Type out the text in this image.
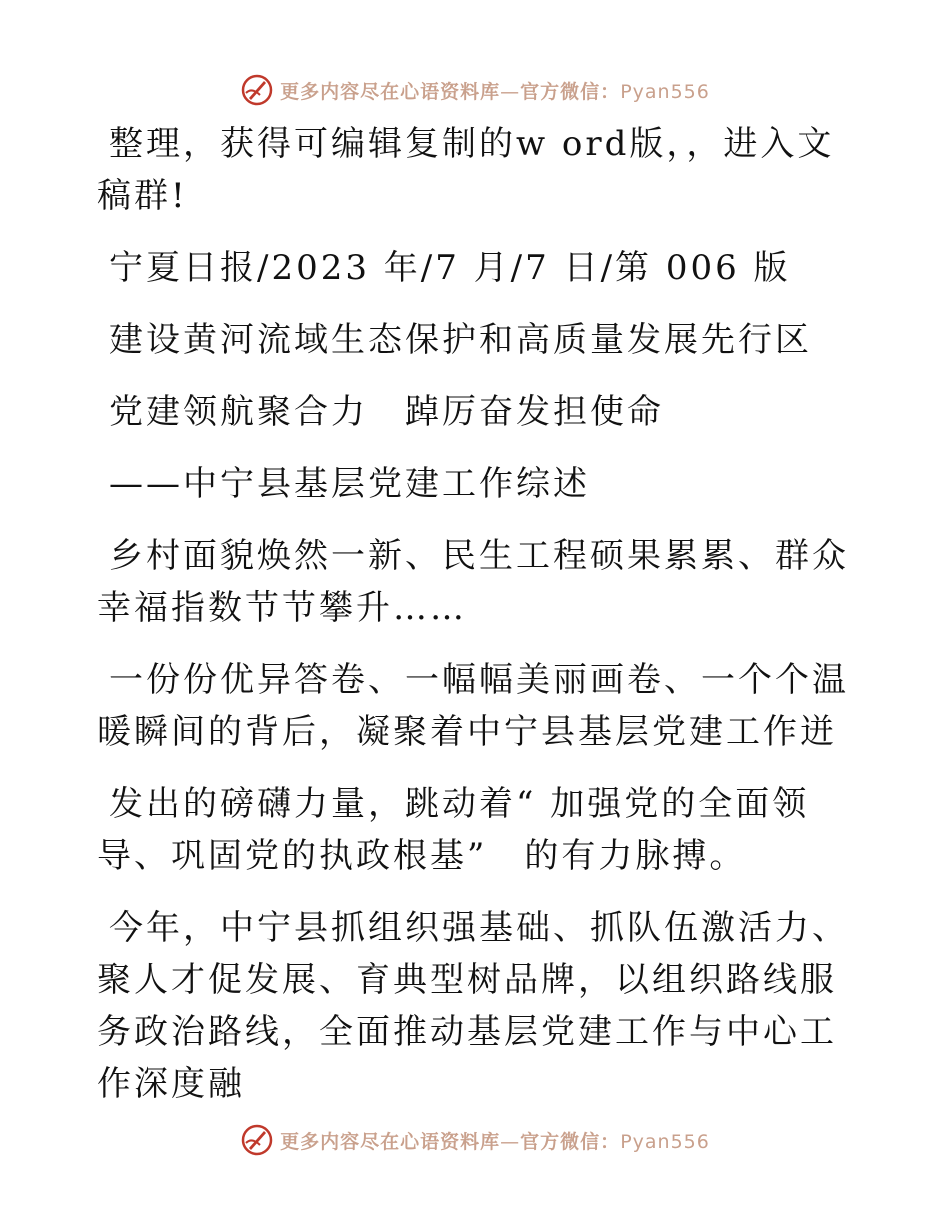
更多内容尽在心语资料库—官方微信：Pyan556

整理，获得可编辑复制的w ord版，，进入文稿群!

宁夏日报/2023 年/7 月/7 日/第 006 版

建设黄河流域生态保护和高质量发展先行区

党建领航聚合力　踔厉奋发担使命

——中宁县基层党建工作综述

乡村面貌焕然一新、民生工程硕果累累、群众幸福指数节节攀升……

一份份优异答卷、一幅幅美丽画卷、一个个温暖瞬间的背后，凝聚着中宁县基层党建工作迸

发出的磅礴力量，跳动着“ 加强党的全面领导、巩固党的执政根基”　的有力脉搏。

今年，中宁县抓组织强基础、抓队伍激活力、聚人才促发展、育典型树品牌，以组织路线服务政治路线，全面推动基层党建工作与中心工作深度融

更多内容尽在心语资料库—官方微信：Pyan556
